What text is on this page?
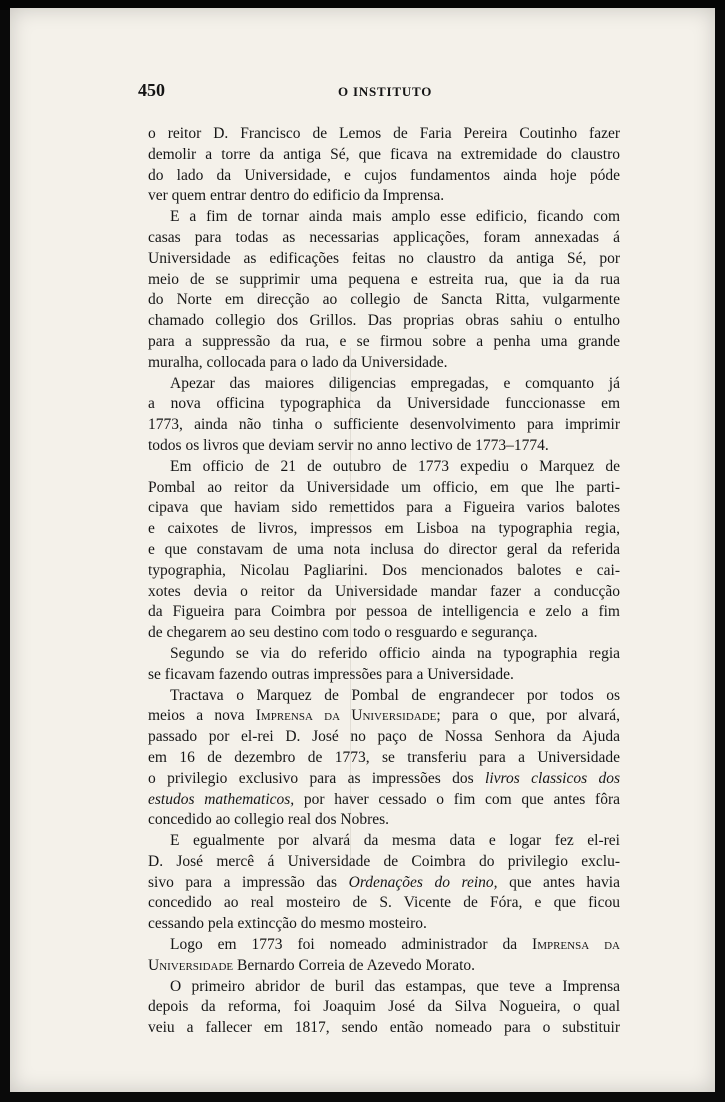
450	O INSTITUTO
o reitor D. Francisco de Lemos de Faria Pereira Coutinho fazer
demolir a torre da antiga Sé, que ficava na extremidade do claustro
do lado da Universidade, e cujos fundamentos ainda hoje póde
ver quem entrar dentro do edificio da Imprensa.
E a fim de tornar ainda mais amplo esse edificio, ficando com
casas para todas as necessarias applicações, foram annexadas á
Universidade as edificações feitas no claustro da antiga Sé, por
meio de se supprimir uma pequena e estreita rua, que ia da rua
do Norte em direcção ao collegio de Sancta Ritta, vulgarmente
chamado collegio dos Grillos. Das proprias obras sahiu o entulho
para a suppressão da rua, e se firmou sobre a penha uma grande
muralha, collocada para o lado da Universidade.
Apezar das maiores diligencias empregadas, e comquanto já
a nova officina typographica da Universidade funccionasse em
1773, ainda não tinha o sufficiente desenvolvimento para imprimir
todos os livros que deviam servir no anno lectivo de 1773–1774.
Em officio de 21 de outubro de 1773 expediu o Marquez de
Pombal ao reitor da Universidade um officio, em que lhe parti-
cipava que haviam sido remettidos para a Figueira varios balotes
e caixotes de livros, impressos em Lisboa na typographia regia,
e que constavam de uma nota inclusa do director geral da referida
typographia, Nicolau Pagliarini. Dos mencionados balotes e cai-
xotes devia o reitor da Universidade mandar fazer a conducção
da Figueira para Coimbra por pessoa de intelligencia e zelo a fim
de chegarem ao seu destino com todo o resguardo e segurança.
Segundo se via do referido officio ainda na typographia regia
se ficavam fazendo outras impressões para a Universidade.
Tractava o Marquez de Pombal de engrandecer por todos os
meios a nova Imprensa da Universidade; para o que, por alvará,
passado por el-rei D. José no paço de Nossa Senhora da Ajuda
em 16 de dezembro de 1773, se transferiu para a Universidade
o privilegio exclusivo para as impressões dos livros classicos dos
estudos mathematicos, por haver cessado o fim com que antes fôra
concedido ao collegio real dos Nobres.
E egualmente por alvará da mesma data e logar fez el-rei
D. José mercê á Universidade de Coimbra do privilegio exclu-
sivo para a impressão das Ordenações do reino, que antes havia
concedido ao real mosteiro de S. Vicente de Fóra, e que ficou
cessando pela extincção do mesmo mosteiro.
Logo em 1773 foi nomeado administrador da Imprensa da
Universidade Bernardo Correia de Azevedo Morato.
O primeiro abridor de buril das estampas, que teve a Imprensa
depois da reforma, foi Joaquim José da Silva Nogueira, o qual
veiu a fallecer em 1817, sendo então nomeado para o substituir
